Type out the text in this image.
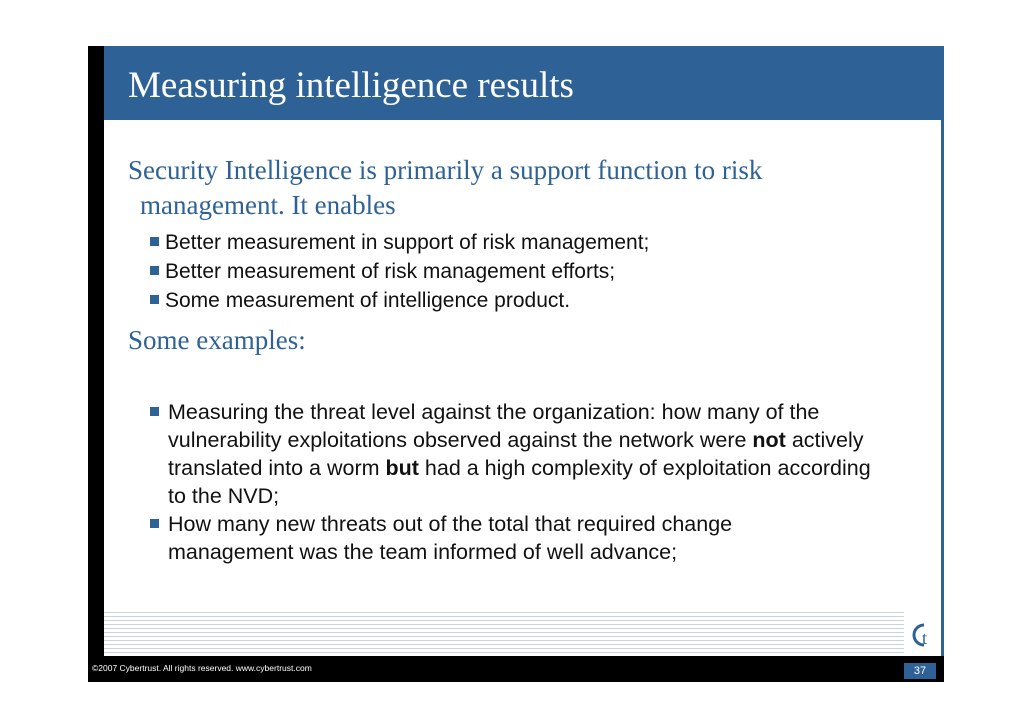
Measuring intelligence results
Security Intelligence is primarily a support function to risk
management. It enables
Better measurement in support of risk management;
Better measurement of risk management efforts;
Some measurement of intelligence product.
Some examples:
Measuring the threat level against the organization: how many of the vulnerability exploitations observed against the network were not actively translated into a worm but had a high complexity of exploitation according to the NVD;
How many new threats out of the total that required change management was the team informed of well advance;
t
©2007 Cybertrust. All rights reserved. www.cybertrust.com	37
